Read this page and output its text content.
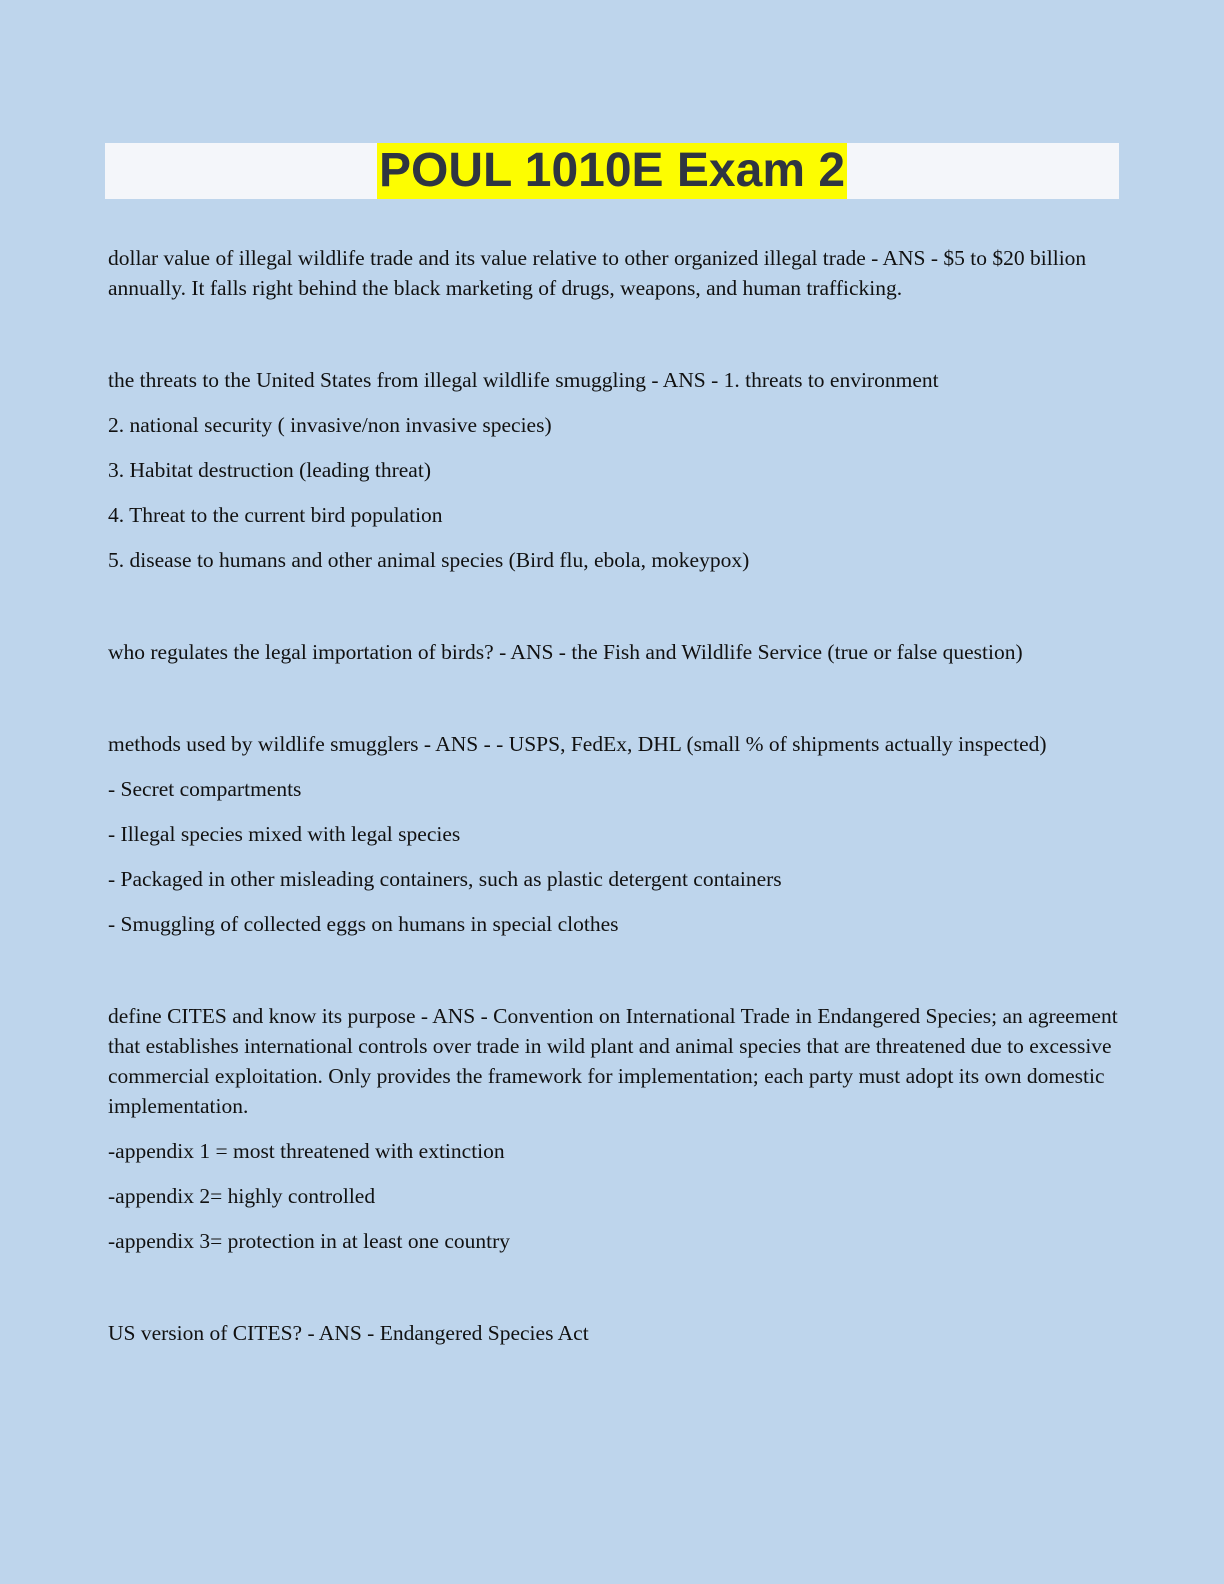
POUL 1010E Exam 2

dollar value of illegal wildlife trade and its value relative to other organized illegal trade - ANS - $5 to $20 billion annually. It falls right behind the black marketing of drugs, weapons, and human trafficking.

the threats to the United States from illegal wildlife smuggling - ANS - 1. threats to environment

2. national security ( invasive/non invasive species)

3. Habitat destruction (leading threat)

4. Threat to the current bird population

5. disease to humans and other animal species (Bird flu, ebola, mokeypox)

who regulates the legal importation of birds? - ANS - the Fish and Wildlife Service (true or false question)

methods used by wildlife smugglers - ANS - - USPS, FedEx, DHL (small % of shipments actually inspected)

- Secret compartments

- Illegal species mixed with legal species

- Packaged in other misleading containers, such as plastic detergent containers

- Smuggling of collected eggs on humans in special clothes

define CITES and know its purpose - ANS - Convention on International Trade in Endangered Species; an agreement that establishes international controls over trade in wild plant and animal species that are threatened due to excessive commercial exploitation. Only provides the framework for implementation; each party must adopt its own domestic implementation.

-appendix 1 = most threatened with extinction

-appendix 2= highly controlled

-appendix 3= protection in at least one country

US version of CITES? - ANS - Endangered Species Act
